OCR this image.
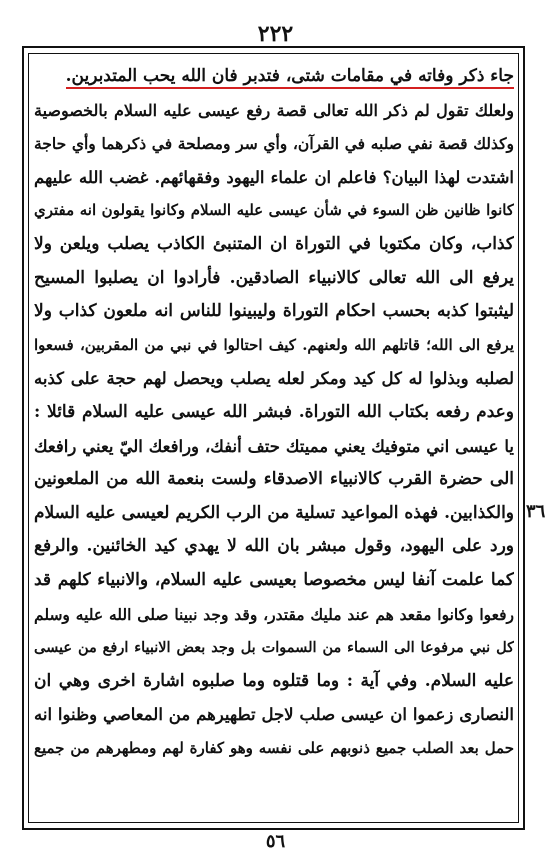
٢٢٢
جاء ذكر وفاته في مقامات شتى، فتدبر فان الله يحب المتدبرين.
ولعلك تقول لم ذكر الله تعالى قصة رفع عيسى عليه السلام بالخصوصية
وكذلك قصة نفي صلبه في القرآن، وأي سر ومصلحة في ذكرهما وأي حاجة
اشتدت لهذا البيان؟ فاعلم ان علماء اليهود وفقهائهم. غضب الله عليهم
كانوا ظانين ظن السوء في شأن عيسى عليه السلام وكانوا يقولون انه مفتري
كذاب، وكان مكتوبا في التوراة ان المتنبئ الكاذب يصلب ويلعن ولا
يرفع الى الله تعالى كالانبياء الصادقين. فأرادوا ان يصلبوا المسيح
ليثبتوا كذبه بحسب احكام التوراة وليبينوا للناس انه ملعون كذاب ولا
يرفع الى الله؛ قاتلهم الله ولعنهم. كيف احتالوا في نبي من المقربين، فسعوا
لصلبه وبذلوا له كل كيد ومكر لعله يصلب ويحصل لهم حجة على كذبه
وعدم رفعه بكتاب الله التوراة. فبشر الله عيسى عليه السلام قائلا :
يا عيسى اني متوفيك يعني مميتك حتف أنفك، ورافعك اليّ يعني رافعك
الى حضرة القرب كالانبياء الاصدقاء ولست بنعمة الله من الملعونين
والكذابين. فهذه المواعيد تسلية من الرب الكريم لعيسى عليه السلام
ورد على اليهود، وقول مبشر بان الله لا يهدي كيد الخائنين. والرفع
كما علمت آنفا ليس مخصوصا بعيسى عليه السلام، والانبياء كلهم قد
رفعوا وكانوا مقعد هم عند مليك مقتدر، وقد وجد نبينا صلى الله عليه وسلم
كل نبي مرفوعا الى السماء من السموات بل وجد بعض الانبياء ارفع من عيسى
عليه السلام. وفي آية : وما قتلوه وما صلبوه اشارة اخرى وهي ان
النصارى زعموا ان عيسى صلب لاجل تطهيرهم من المعاصي وظنوا انه
حمل بعد الصلب جميع ذنوبهم على نفسه وهو كفارة لهم ومطهرهم من جميع
٣٦
٥٦
